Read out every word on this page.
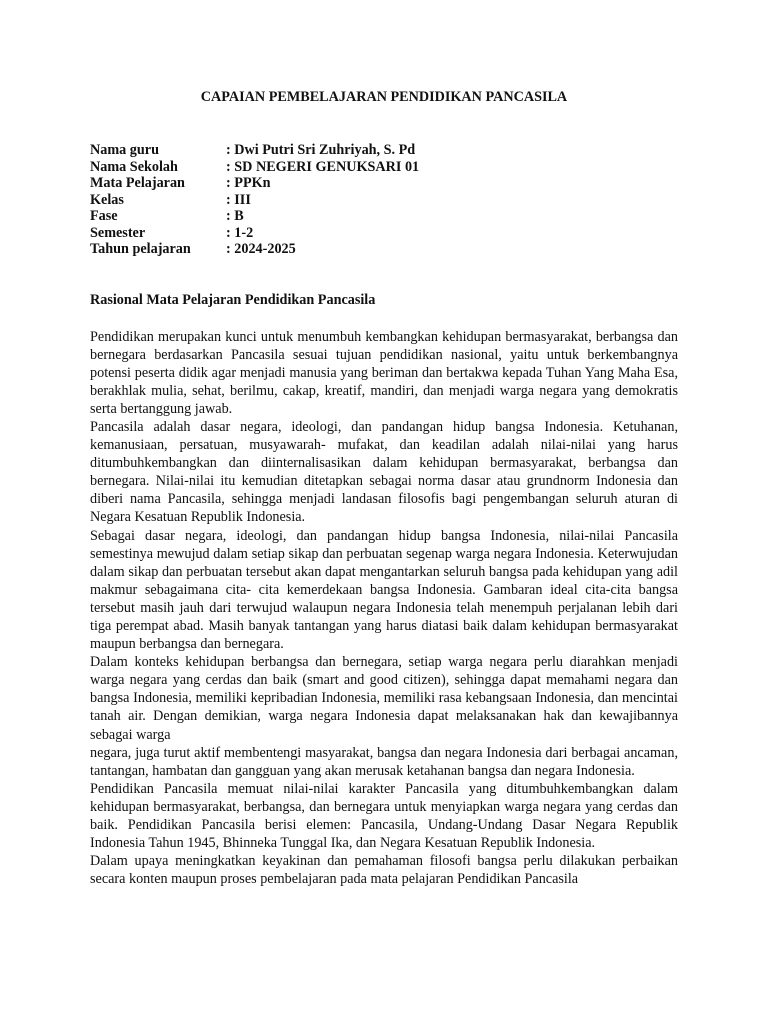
CAPAIAN PEMBELAJARAN PENDIDIKAN PANCASILA
Nama guru	: Dwi Putri Sri Zuhriyah, S. Pd
Nama Sekolah	: SD NEGERI GENUKSARI 01
Mata Pelajaran	: PPKn
Kelas	: III
Fase	: B
Semester	: 1-2
Tahun pelajaran	: 2024-2025
Rasional Mata Pelajaran Pendidikan Pancasila

Pendidikan merupakan kunci untuk menumbuh kembangkan kehidupan bermasyarakat, berbangsa dan bernegara berdasarkan Pancasila sesuai tujuan pendidikan nasional, yaitu untuk berkembangnya potensi peserta didik agar menjadi manusia yang beriman dan bertakwa kepada Tuhan Yang Maha Esa, berakhlak mulia, sehat, berilmu, cakap, kreatif, mandiri, dan menjadi warga negara yang demokratis serta bertanggung jawab.

Pancasila adalah dasar negara, ideologi, dan pandangan hidup bangsa Indonesia. Ketuhanan, kemanusiaan, persatuan, musyawarah- mufakat, dan keadilan adalah nilai-nilai yang harus ditumbuhkembangkan dan diinternalisasikan dalam kehidupan bermasyarakat, berbangsa dan bernegara. Nilai-nilai itu kemudian ditetapkan sebagai norma dasar atau grundnorm Indonesia dan diberi nama Pancasila, sehingga menjadi landasan filosofis bagi pengembangan seluruh aturan di Negara Kesatuan Republik Indonesia.

Sebagai dasar negara, ideologi, dan pandangan hidup bangsa Indonesia, nilai-nilai Pancasila semestinya mewujud dalam setiap sikap dan perbuatan segenap warga negara Indonesia. Keterwujudan dalam sikap dan perbuatan tersebut akan dapat mengantarkan seluruh bangsa pada kehidupan yang adil makmur sebagaimana cita- cita kemerdekaan bangsa Indonesia. Gambaran ideal cita-cita bangsa tersebut masih jauh dari terwujud walaupun negara Indonesia telah menempuh perjalanan lebih dari tiga perempat abad. Masih banyak tantangan yang harus diatasi baik dalam kehidupan bermasyarakat maupun berbangsa dan bernegara.

Dalam konteks kehidupan berbangsa dan bernegara, setiap warga negara perlu diarahkan menjadi warga negara yang cerdas dan baik (smart and good citizen), sehingga dapat memahami negara dan bangsa Indonesia, memiliki kepribadian Indonesia, memiliki rasa kebangsaan Indonesia, dan mencintai tanah air. Dengan demikian, warga negara Indonesia dapat melaksanakan hak dan kewajibannya sebagai warga

negara, juga turut aktif membentengi masyarakat, bangsa dan negara Indonesia dari berbagai ancaman, tantangan, hambatan dan gangguan yang akan merusak ketahanan bangsa dan negara Indonesia.

Pendidikan Pancasila memuat nilai-nilai karakter Pancasila yang ditumbuhkembangkan dalam kehidupan bermasyarakat, berbangsa, dan bernegara untuk menyiapkan warga negara yang cerdas dan baik. Pendidikan Pancasila berisi elemen: Pancasila, Undang-Undang Dasar Negara Republik Indonesia Tahun 1945, Bhinneka Tunggal Ika, dan Negara Kesatuan Republik Indonesia.

Dalam upaya meningkatkan keyakinan dan pemahaman filosofi bangsa perlu dilakukan perbaikan secara konten maupun proses pembelajaran pada mata pelajaran Pendidikan Pancasila
